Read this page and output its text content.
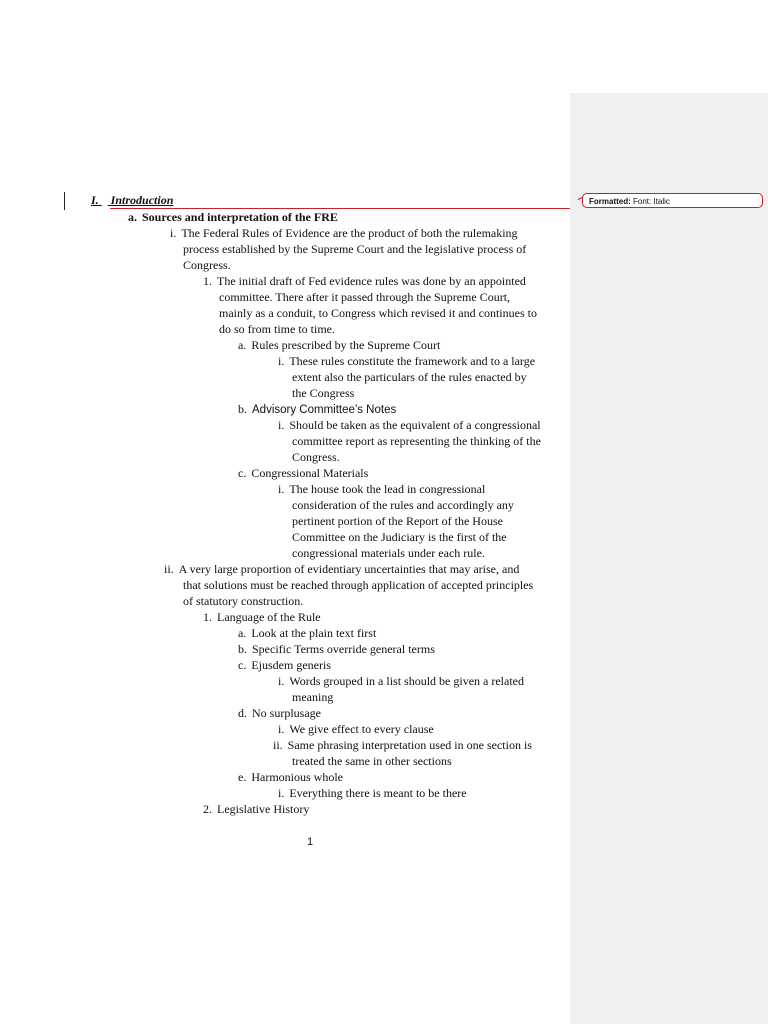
I. Introduction
a. Sources and interpretation of the FRE
i. The Federal Rules of Evidence are the product of both the rulemaking
process established by the Supreme Court and the legislative process of
Congress.
1. The initial draft of Fed evidence rules was done by an appointed
committee. There after it passed through the Supreme Court,
mainly as a conduit, to Congress which revised it and continues to
do so from time to time.
a. Rules prescribed by the Supreme Court
i. These rules constitute the framework and to a large
extent also the particulars of the rules enacted by
the Congress
b. Advisory Committee’s Notes
i. Should be taken as the equivalent of a congressional
committee report as representing the thinking of the
Congress.
c. Congressional Materials
i. The house took the lead in congressional
consideration of the rules and accordingly any
pertinent portion of the Report of the House
Committee on the Judiciary is the first of the
congressional materials under each rule.
ii. A very large proportion of evidentiary uncertainties that may arise, and
that solutions must be reached through application of accepted principles
of statutory construction.
1. Language of the Rule
a. Look at the plain text first
b. Specific Terms override general terms
c. Ejusdem generis
i. Words grouped in a list should be given a related
meaning
d. No surplusage
i. We give effect to every clause
ii. Same phrasing interpretation used in one section is
treated the same in other sections
e. Harmonious whole
i. Everything there is meant to be there
2. Legislative History
1
Formatted: Font: Italic
